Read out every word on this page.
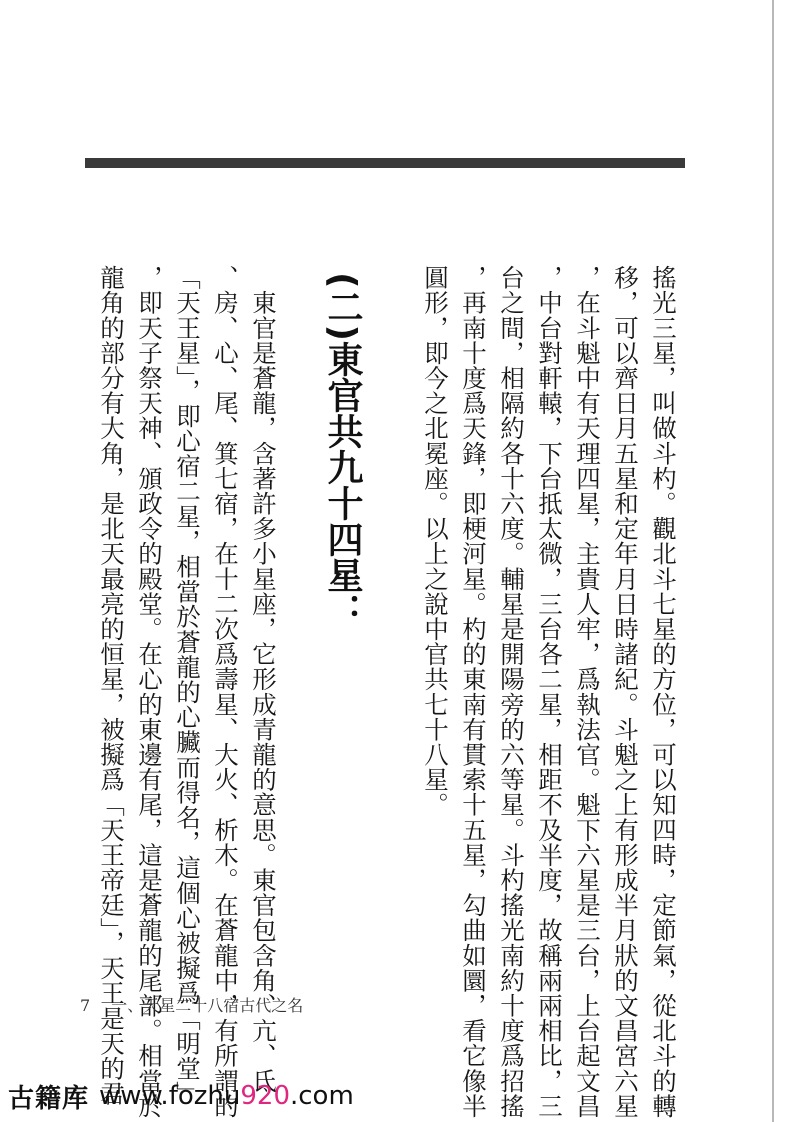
搖光三星，叫做斗杓。觀北斗七星的方位，可以知四時，定節氣，從北斗的轉
移，可以齊日月五星和定年月日時諸紀。斗魁之上有形成半月狀的文昌宮六星
，在斗魁中有天理四星，主貴人牢，爲執法官。魁下六星是三台，上台起文昌
，中台對軒轅，下台抵太微，三台各二星，相距不及半度，故稱兩兩相比，三
台之間，相隔約各十六度。輔星是開陽旁的六等星。斗杓搖光南約十度爲招搖
，再南十度爲天鋒，即梗河星。杓的東南有貫索十五星，勾曲如圜，看它像半
圓形，即今之北冕座。以上之說中官共七十八星。
(二)東官共九十四星：
　東官是蒼龍，含著許多小星座，它形成青龍的意思。東官包含角、亢、氐
、房、心、尾、箕七宿，在十二次爲壽星、大火、析木。在蒼龍中，有所謂的
「天王星」，即心宿二星，相當於蒼龍的心臟而得名，這個心被擬爲「明堂」
，即天子祭天神、頒政令的殿堂。在心的東邊有尾，這是蒼龍的尾部。相當於
龍角的部分有大角，是北天最亮的恒星，被擬爲「天王帝廷」，天王是天的君
7 一、天星二十八宿古代之名
古籍库 www.fozhu920.com
